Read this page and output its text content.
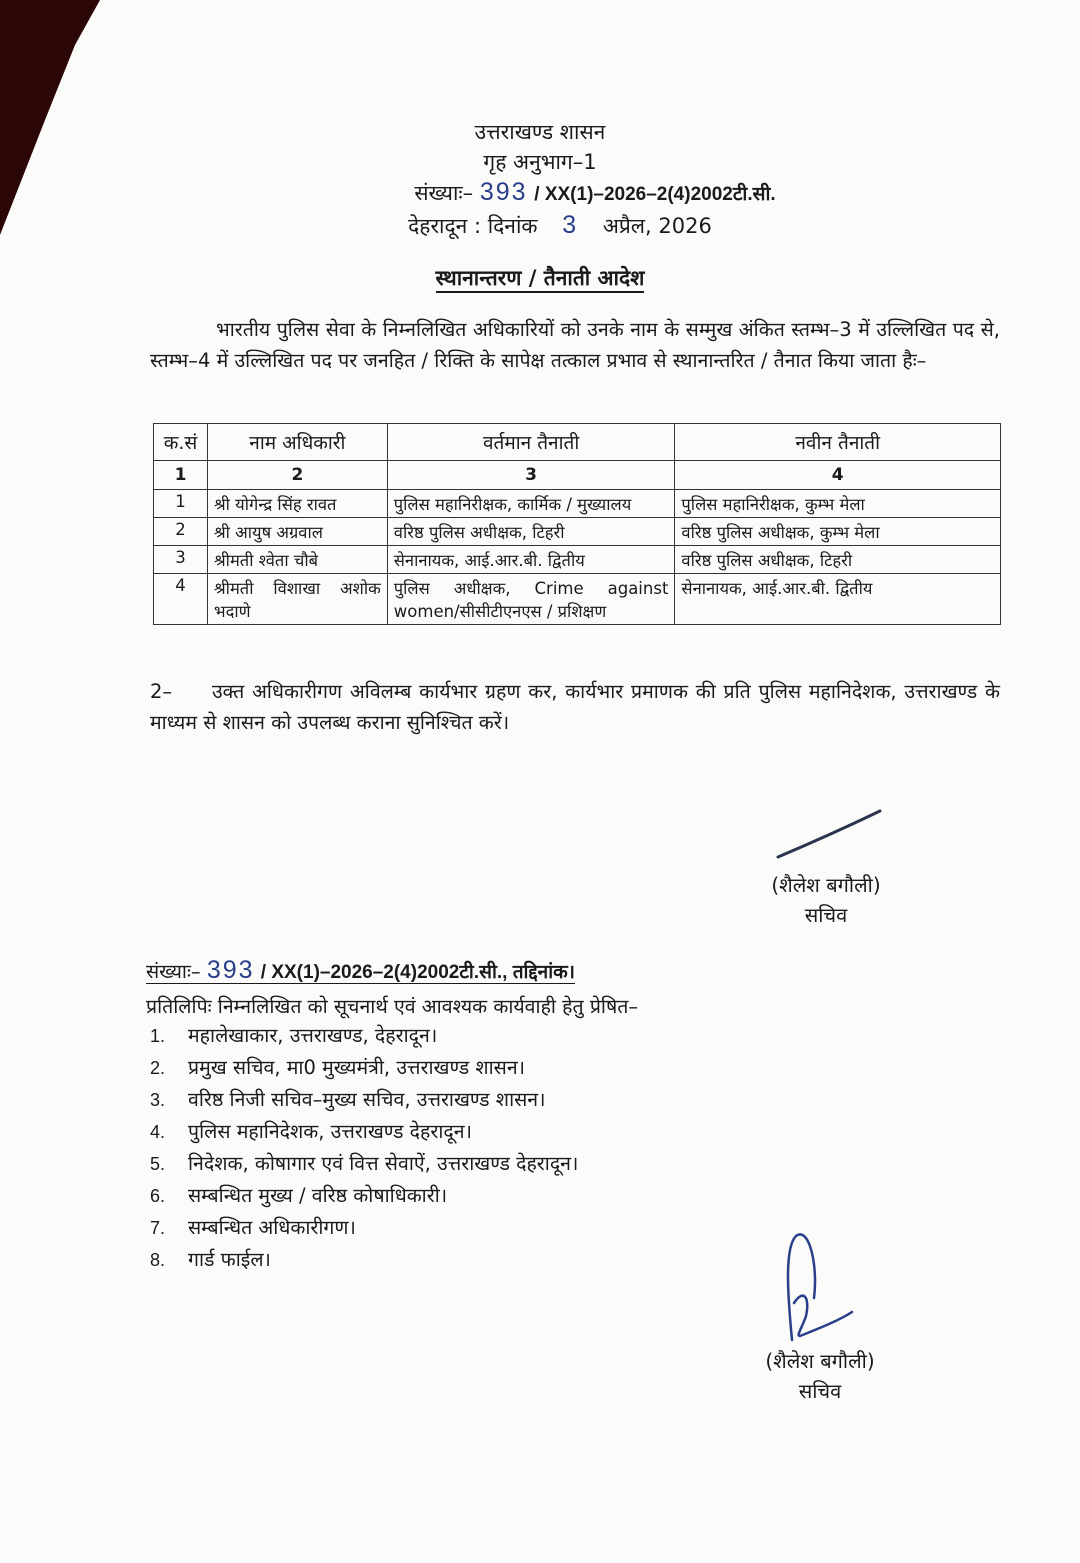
उत्तराखण्ड शासन
गृह अनुभाग–1
संख्याः– 393 / XX(1)–2026–2(4)2002टी.सी.
देहरादून : दिनांक 3 अप्रैल, 2026
स्थानान्तरण / तैनाती आदेश
भारतीय पुलिस सेवा के निम्नलिखित अधिकारियों को उनके नाम के सम्मुख अंकित स्तम्भ–3 में उल्लिखित पद से, स्तम्भ–4 में उल्लिखित पद पर जनहित / रिक्ति के सापेक्ष तत्काल प्रभाव से स्थानान्तरित / तैनात किया जाता हैः–
क.सं	नाम अधिकारी	वर्तमान तैनाती	नवीन तैनाती
1	2	3	4
1	श्री योगेन्द्र सिंह रावत	पुलिस महानिरीक्षक, कार्मिक / मुख्यालय	पुलिस महानिरीक्षक, कुम्भ मेला
2	श्री आयुष अग्रवाल	वरिष्ठ पुलिस अधीक्षक, टिहरी	वरिष्ठ पुलिस अधीक्षक, कुम्भ मेला
3	श्रीमती श्वेता चौबे	सेनानायक, आई.आर.बी. द्वितीय	वरिष्ठ पुलिस अधीक्षक, टिहरी
4	श्रीमती विशाखा अशोक भदाणे	पुलिस अधीक्षक, Crime against women/सीसीटीएनएस / प्रशिक्षण	सेनानायक, आई.आर.बी. द्वितीय
2– उक्त अधिकारीगण अविलम्ब कार्यभार ग्रहण कर, कार्यभार प्रमाणक की प्रति पुलिस महानिदेशक, उत्तराखण्ड के माध्यम से शासन को उपलब्ध कराना सुनिश्चित करें।
(शैलेश बगौली)
सचिव
संख्याः– 393 / XX(1)–2026–2(4)2002टी.सी., तद्दिनांक।
प्रतिलिपिः निम्नलिखित को सूचनार्थ एवं आवश्यक कार्यवाही हेतु प्रेषित–
1. महालेखाकार, उत्तराखण्ड, देहरादून।
2. प्रमुख सचिव, मा0 मुख्यमंत्री, उत्तराखण्ड शासन।
3. वरिष्ठ निजी सचिव–मुख्य सचिव, उत्तराखण्ड शासन।
4. पुलिस महानिदेशक, उत्तराखण्ड देहरादून।
5. निदेशक, कोषागार एवं वित्त सेवाऐं, उत्तराखण्ड देहरादून।
6. सम्बन्धित मुख्य / वरिष्ठ कोषाधिकारी।
7. सम्बन्धित अधिकारीगण।
8. गार्ड फाईल।
(शैलेश बगौली)
सचिव
